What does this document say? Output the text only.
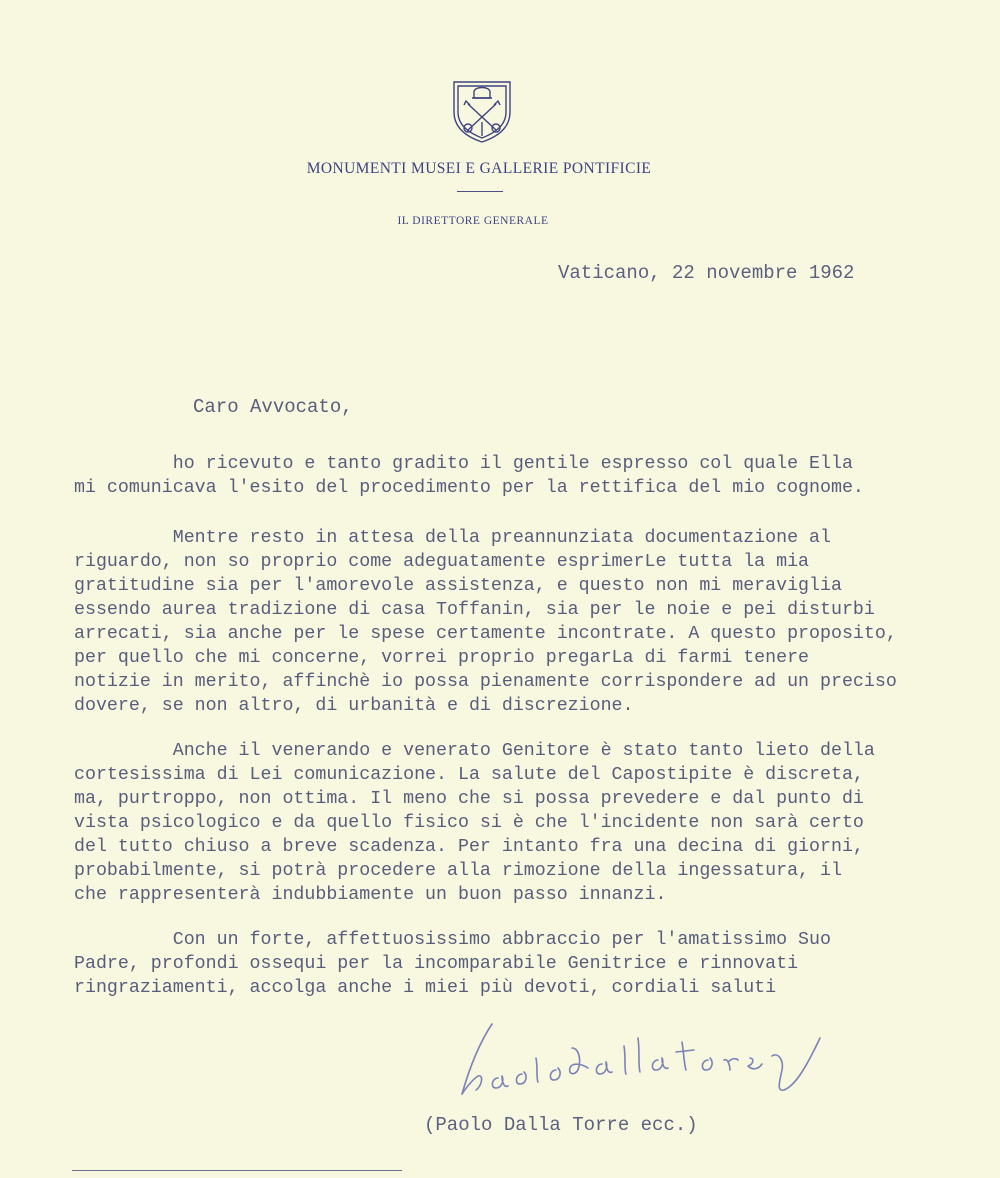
MONUMENTI MUSEI E GALLERIE PONTIFICIE
IL DIRETTORE GENERALE
Vaticano, 22 novembre 1962
Caro Avvocato,
ho ricevuto e tanto gradito il gentile espresso col quale Ella
mi comunicava l'esito del procedimento per la rettifica del mio cognome.
Mentre resto in attesa della preannunziata documentazione al
riguardo, non so proprio come adeguatamente esprimerLe tutta la mia
gratitudine sia per l'amorevole assistenza, e questo non mi meraviglia
essendo aurea tradizione di casa Toffanin, sia per le noie e pei disturbi
arrecati, sia anche per le spese certamente incontrate. A questo proposito,
per quello che mi concerne, vorrei proprio pregarLa di farmi tenere
notizie in merito, affinchè io possa pienamente corrispondere ad un preciso
dovere, se non altro, di urbanità e di discrezione.
Anche il venerando e venerato Genitore è stato tanto lieto della
cortesissima di Lei comunicazione. La salute del Capostipite è discreta,
ma, purtroppo, non ottima. Il meno che si possa prevedere e dal punto di
vista psicologico e da quello fisico si è che l'incidente non sarà certo
del tutto chiuso a breve scadenza. Per intanto fra una decina di giorni,
probabilmente, si potrà procedere alla rimozione della ingessatura, il
che rappresenterà indubbiamente un buon passo innanzi.
Con un forte, affettuosissimo abbraccio per l'amatissimo Suo
Padre, profondi ossequi per la incomparabile Genitrice e rinnovati
ringraziamenti, accolga anche i miei più devoti, cordiali saluti
(Paolo Dalla Torre ecc.)
